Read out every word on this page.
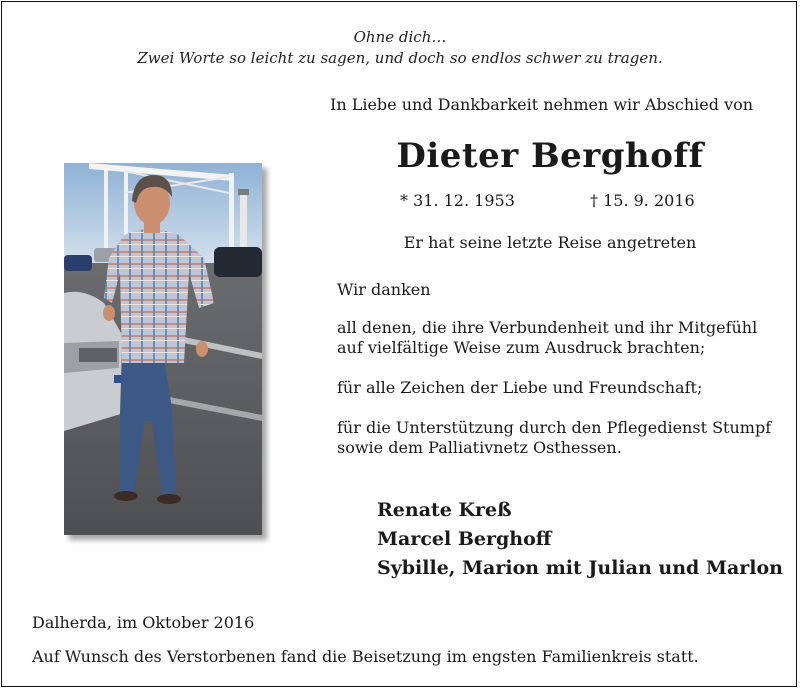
Ohne dich…
Zwei Worte so leicht zu sagen, und doch so endlos schwer zu tragen.
In Liebe und Dankbarkeit nehmen wir Abschied von
Dieter Berghoff
* 31. 12. 1953	† 15. 9. 2016
Er hat seine letzte Reise angetreten
Wir danken
all denen, die ihre Verbundenheit und ihr Mitgefühl
auf vielfältige Weise zum Ausdruck brachten;
für alle Zeichen der Liebe und Freundschaft;
für die Unterstützung durch den Pflegedienst Stumpf
sowie dem Palliativnetz Osthessen.
Renate Kreß
Marcel Berghoff
Sybille, Marion mit Julian und Marlon
Dalherda, im Oktober 2016
Auf Wunsch des Verstorbenen fand die Beisetzung im engsten Familienkreis statt.
